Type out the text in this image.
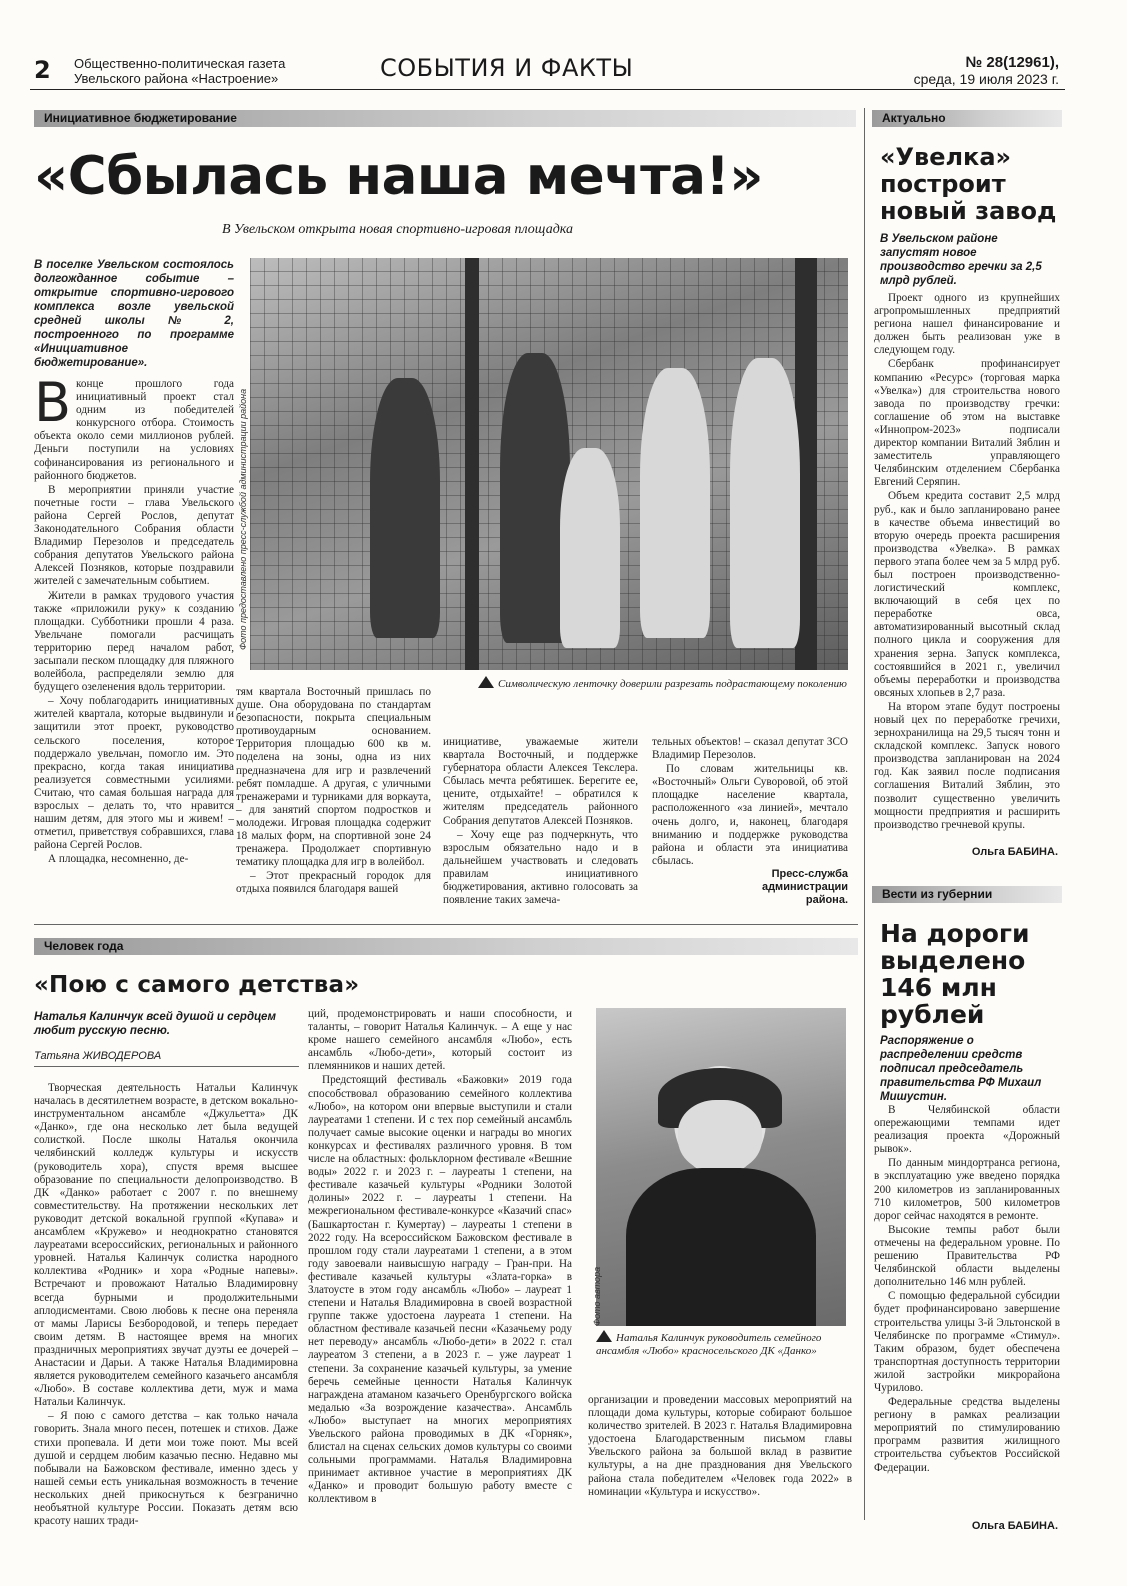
2 Общественно-политическая газета
Увельского района «Настроение»	СОБЫТИЯ И ФАКТЫ	№ 28(12961),
среда, 19 июля 2023 г.
Инициативное бюджетирование
«Сбылась наша мечта!»
В Увельском открыта новая спортивно-игровая площадка
В поселке Увельском состоялось долгожданное событие – открытие спортивно-игрового комплекса возле увельской средней школы № 2, построенного по программе «Инициативное бюджетирование».

Вконце прошлого года инициативный проект стал одним из победителей конкурсного отбора. Стоимость объекта около семи миллионов рублей. Деньги поступили на условиях софинансирования из регионального и районного бюджетов.

В мероприятии приняли участие почетные гости – глава Увельского района Сергей Рослов, депутат Законодательного Собрания области Владимир Перезолов и председатель собрания депутатов Увельского района Алексей Позняков, которые поздравили жителей с замечательным событием.

Жители в рамках трудового участия также «приложили руку» к созданию площадки. Субботники прошли 4 раза. Увельчане помогали расчищать территорию перед началом работ, засыпали песком площадку для пляжного волейбола, распределяли землю для будущего озеленения вдоль территории.

– Хочу поблагодарить инициативных жителей квартала, которые выдвинули и защитили этот проект, руководство сельского поселения, которое поддержало увельчан, помогло им. Это прекрасно, когда такая инициатива реализуется совместными усилиями. Считаю, что самая большая награда для взрослых – делать то, что нравится нашим детям, для этого мы и живем! – отметил, приветствуя собравшихся, глава района Сергей Рослов.

А площадка, несомненно, де-

Фото предоставлено пресс-службой администрации района
Символическую ленточку доверили разрезать подрастающему поколению

тям квартала Восточный пришлась по душе. Она оборудована по стандартам безопасности, покрыта специальным противоударным основанием. Территория площадью 600 кв м. поделена на зоны, одна из них предназначена для игр и развлечений ребят помладше. А другая, с уличными тренажерами и турниками для воркаута, – для занятий спортом подростков и молодежи. Игровая площадка содержит 18 малых форм, на спортивной зоне 24 тренажера. Продолжает спортивную тематику площадка для игр в волейбол.

– Этот прекрасный городок для отдыха появился благодаря вашей

инициативе, уважаемые жители квартала Восточный, и поддержке губернатора области Алексея Текслера. Сбылась мечта ребятишек. Берегите ее, цените, отдыхайте! – обратился к жителям председатель районного Собрания депутатов Алексей Позняков.

– Хочу еще раз подчеркнуть, что взрослым обязательно надо и в дальнейшем участвовать и следовать правилам инициативного бюджетирования, активно голосовать за появление таких замеча-

тельных объектов! – сказал депутат ЗСО Владимир Перезолов.

По словам жительницы кв. «Восточный» Ольги Суворовой, об этой площадке население квартала, расположенного «за линией», мечтало очень долго, и, наконец, благодаря вниманию и поддержке руководства района и области эта инициатива сбылась.

Пресс-служба
администрации
района.
Актуально
«Увелка»
построит
новый завод
В Увельском районе запустят новое производство гречки за 2,5 млрд рублей.

Проект одного из крупнейших агропромышленных предприятий региона нашел финансирование и должен быть реализован уже в следующем году.

Сбербанк профинансирует компанию «Ресурс» (торговая марка «Увелка») для строительства нового завода по производству гречки: соглашение об этом на выставке «Иннопром-2023» подписали директор компании Виталий Зяблин и заместитель управляющего Челябинским отделением Сбербанка Евгений Серяпин.

Объем кредита составит 2,5 млрд руб., как и было запланировано ранее в качестве объема инвестиций во вторую очередь проекта расширения производства «Увелка». В рамках первого этапа более чем за 5 млрд руб. был построен производственно-логистический комплекс, включающий в себя цех по переработке овса, автоматизированный высотный склад полного цикла и сооружения для хранения зерна. Запуск комплекса, состоявшийся в 2021 г., увеличил объемы переработки и производства овсяных хлопьев в 2,7 раза.

На втором этапе будут построены новый цех по переработке гречихи, зернохранилища на 29,5 тысяч тонн и складской комплекс. Запуск нового производства запланирован на 2024 год. Как заявил после подписания соглашения Виталий Зяблин, это позволит существенно увеличить мощности предприятия и расширить производство гречневой крупы.

Ольга БАБИНА.
Вести из губернии
На дороги
выделено
146 млн
рублей
Распоряжение о распределении средств подписал председатель правительства РФ Михаил Мишустин.

В Челябинской области опережающими темпами идет реализация проекта «Дорожный рывок».

По данным миндортранса региона, в эксплуатацию уже введено порядка 200 километров из запланированных 710 километров, 500 километров дорог сейчас находятся в ремонте.

Высокие темпы работ были отмечены на федеральном уровне. По решению Правительства РФ Челябинской области выделены дополнительно 146 млн рублей.

С помощью федеральной субсидии будет профинансировано завершение строительства улицы 3-й Эльтонской в Челябинске по программе «Стимул». Таким образом, будет обеспечена транспортная доступность территории жилой застройки микрорайона Чурилово.

Федеральные средства выделены региону в рамках реализации мероприятий по стимулированию программ развития жилищного строительства субъектов Российской Федерации.

Ольга БАБИНА.
Человек года
«Пою с самого детства»
Наталья Калинчук всей душой и сердцем любит русскую песню.
Татьяна ЖИВОДЕРОВА

Творческая деятельность Натальи Калинчук началась в десятилетнем возрасте, в детском вокально-инструментальном ансамбле «Джульетта» ДК «Данко», где она несколько лет была ведущей солисткой. После школы Наталья окончила челябинский колледж культуры и искусств (руководитель хора), спустя время высшее образование по специальности делопроизводство. В ДК «Данко» работает с 2007 г. по внешнему совместительству. На протяжении нескольких лет руководит детской вокальной группой «Купава» и ансамблем «Кружево» и неоднократно становятся лауреатами всероссийских, региональных и районного уровней. Наталья Калинчук солистка народного коллектива «Родник» и хора «Родные напевы». Встречают и провожают Наталью Владимировну всегда бурными и продолжительными аплодисментами. Свою любовь к песне она переняла от мамы Ларисы Безбородовой, и теперь передает своим детям. В настоящее время на многих праздничных мероприятиях звучат дуэты ее дочерей – Анастасии и Дарьи. А также Наталья Владимировна является руководителем семейного казачьего ансамбля «Любо». В составе коллектива дети, муж и мама Натальи Калинчук.

– Я пою с самого детства – как только начала говорить. Знала много песен, потешек и стихов. Даже стихи пропевала. И дети мои тоже поют. Мы всей душой и сердцем любим казачью песню. Недавно мы побывали на Бажовском фестивале, именно здесь у нашей семьи есть уникальная возможность в течение нескольких дней прикоснуться к безгранично необъятной культуре России. Показать детям всю красоту наших тради-

ций, продемонстрировать и наши способности, и таланты, – говорит Наталья Калинчук. – А еще у нас кроме нашего семейного ансамбля «Любо», есть ансамбль «Любо-дети», который состоит из племянников и наших детей.

Предстоящий фестиваль «Бажовки» 2019 года способствовал образованию семейного коллектива «Любо», на котором они впервые выступили и стали лауреатами 1 степени. И с тех пор семейный ансамбль получает самые высокие оценки и награды во многих конкурсах и фестивалях различного уровня. В том числе на областных: фольклорном фестивале «Вешние воды» 2022 г. и 2023 г. – лауреаты 1 степени, на фестивале казачьей культуры «Родники Золотой долины» 2022 г. – лауреаты 1 степени. На межрегиональном фестивале-конкурсе «Казачий спас» (Башкартостан г. Кумертау) – лауреаты 1 степени в 2022 году. На всероссийском Бажовском фестивале в прошлом году стали лауреатами 1 степени, а в этом году завоевали наивысшую награду – Гран-при. На фестивале казачьей культуры «Злата-горка» в Златоусте в этом году ансамбль «Любо» – лауреат 1 степени и Наталья Владимировна в своей возрастной группе также удостоена лауреата 1 степени. На областном фестивале казачьей песни «Казачьему роду нет переводу» ансамбль «Любо-дети» в 2022 г. стал лауреатом 3 степени, а в 2023 г. – уже лауреат 1 степени. За сохранение казачьей культуры, за умение беречь семейные ценности Наталья Калинчук награждена атаманом казачьего Оренбургского войска медалью «За возрождение казачества». Ансамбль «Любо» выступает на многих мероприятиях Увельского района проводимых в ДК «Горняк», блистал на сценах сельских домов культуры со своими сольными программами. Наталья Владимировна принимает активное участие в мероприятиях ДК «Данко» и проводит большую работу вместе с коллективом в

Фото автора
Наталья Калинчук руководитель семейного ансамбля «Любо» красносельского ДК «Данко»

организации и проведении массовых мероприятий на площади дома культуры, которые собирают большое количество зрителей. В 2023 г. Наталья Владимировна удостоена Благодарственным письмом главы Увельского района за большой вклад в развитие культуры, а на дне празднования дня Увельского района стала победителем «Человек года 2022» в номинации «Культура и искусство».
